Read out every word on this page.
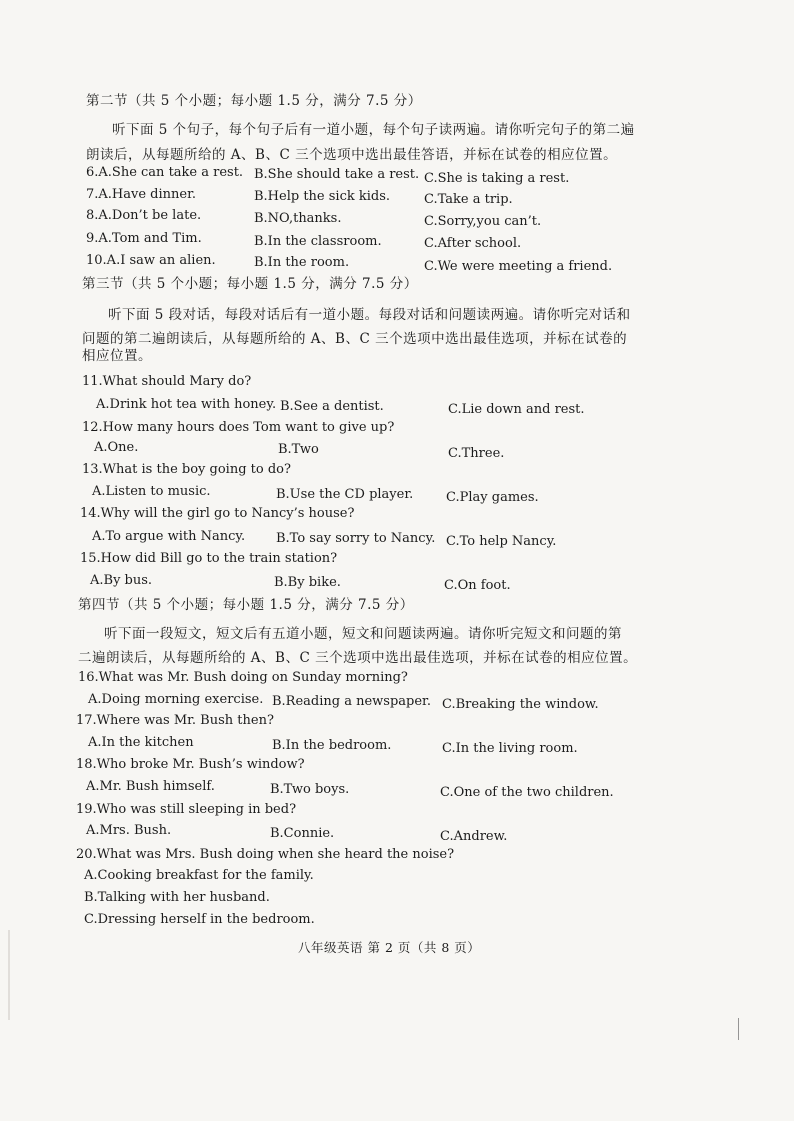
第二节（共 5 个小题；每小题 1.5 分，满分 7.5 分）
听下面 5 个句子，每个句子后有一道小题，每个句子读两遍。请你听完句子的第二遍
朗读后，从每题所给的 A、B、C 三个选项中选出最佳答语，并标在试卷的相应位置。
6.A.She can take a rest. B.She should take a rest. C.She is taking a rest.
7.A.Have dinner.	B.Help the sick kids.	C.Take a trip.
8.A.Don’t be late.	B.NO,thanks.	C.Sorry,you can’t.
9.A.Tom and Tim.	B.In the classroom.	C.After school.
10.A.I saw an alien.	B.In the room.	C.We were meeting a friend.
第三节（共 5 个小题；每小题 1.5 分，满分 7.5 分）
听下面 5 段对话，每段对话后有一道小题。每段对话和问题读两遍。请你听完对话和
问题的第二遍朗读后，从每题所给的 A、B、C 三个选项中选出最佳选项，并标在试卷的
相应位置。
11.What should Mary do?
A.Drink hot tea with honey. B.See a dentist.	C.Lie down and rest.
12.How many hours does Tom want to give up?
A.One.	B.Two	C.Three.
13.What is the boy going to do?
A.Listen to music.	B.Use the CD player.	C.Play games.
14.Why will the girl go to Nancy’s house?
A.To argue with Nancy. B.To say sorry to Nancy. C.To help Nancy.
15.How did Bill go to the train station?
A.By bus.	B.By bike.	C.On foot.
第四节（共 5 个小题；每小题 1.5 分，满分 7.5 分）
听下面一段短文，短文后有五道小题，短文和问题读两遍。请你听完短文和问题的第
二遍朗读后，从每题所给的 A、B、C 三个选项中选出最佳选项，并标在试卷的相应位置。
16.What was Mr. Bush doing on Sunday morning?
A.Doing morning exercise. B.Reading a newspaper. C.Breaking the window.
17.Where was Mr. Bush then?
A.In the kitchen	B.In the bedroom.	C.In the living room.
18.Who broke Mr. Bush’s window?
A.Mr. Bush himself.	B.Two boys.	C.One of the two children.
19.Who was still sleeping in bed?
A.Mrs. Bush.	B.Connie.	C.Andrew.
20.What was Mrs. Bush doing when she heard the noise?
A.Cooking breakfast for the family.
B.Talking with her husband.
C.Dressing herself in the bedroom.
八年级英语 第 2 页（共 8 页）
